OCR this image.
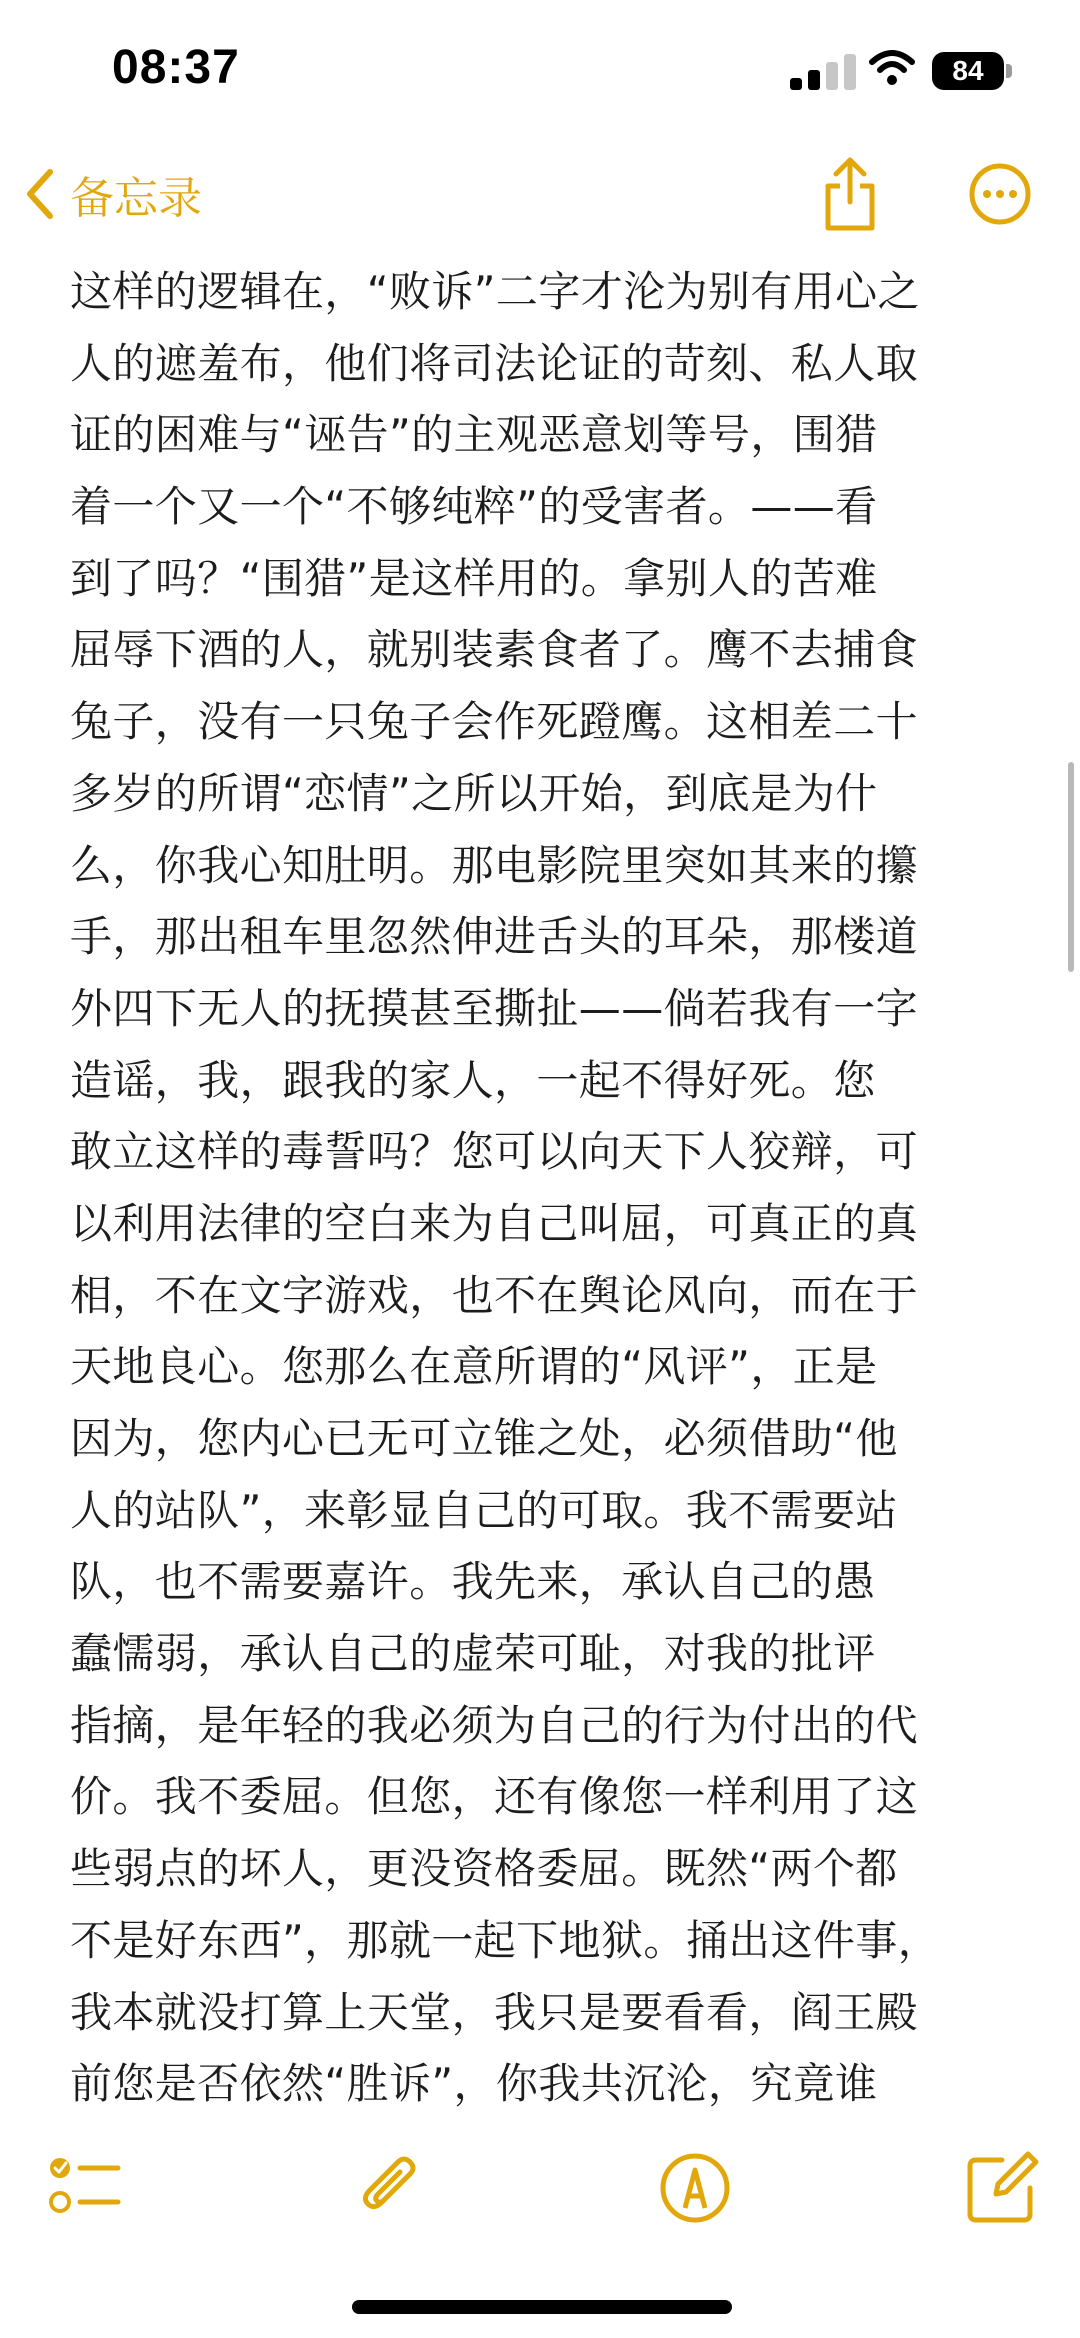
08:37	84
备忘录
这样的逻辑在，“败诉”二字才沦为别有用心之
人的遮羞布，他们将司法论证的苛刻、私人取
证的困难与“诬告”的主观恶意划等号，围猎
着一个又一个“不够纯粹”的受害者。——看
到了吗？“围猎”是这样用的。拿别人的苦难
屈辱下酒的人，就别装素食者了。鹰不去捕食
兔子，没有一只兔子会作死蹬鹰。这相差二十
多岁的所谓“恋情”之所以开始，到底是为什
么，你我心知肚明。那电影院里突如其来的攥
手，那出租车里忽然伸进舌头的耳朵，那楼道
外四下无人的抚摸甚至撕扯——倘若我有一字
造谣，我，跟我的家人，一起不得好死。您
敢立这样的毒誓吗？您可以向天下人狡辩，可
以利用法律的空白来为自己叫屈，可真正的真
相，不在文字游戏，也不在舆论风向，而在于
天地良心。您那么在意所谓的“风评”，正是
因为，您内心已无可立锥之处，必须借助“他
人的站队”，来彰显自己的可取。我不需要站
队，也不需要嘉许。我先来，承认自己的愚
蠢懦弱，承认自己的虚荣可耻，对我的批评
指摘，是年轻的我必须为自己的行为付出的代
价。我不委屈。但您，还有像您一样利用了这
些弱点的坏人，更没资格委屈。既然“两个都
不是好东西”，那就一起下地狱。捅出这件事，
我本就没打算上天堂，我只是要看看，阎王殿
前您是否依然“胜诉”，你我共沉沦，究竟谁
